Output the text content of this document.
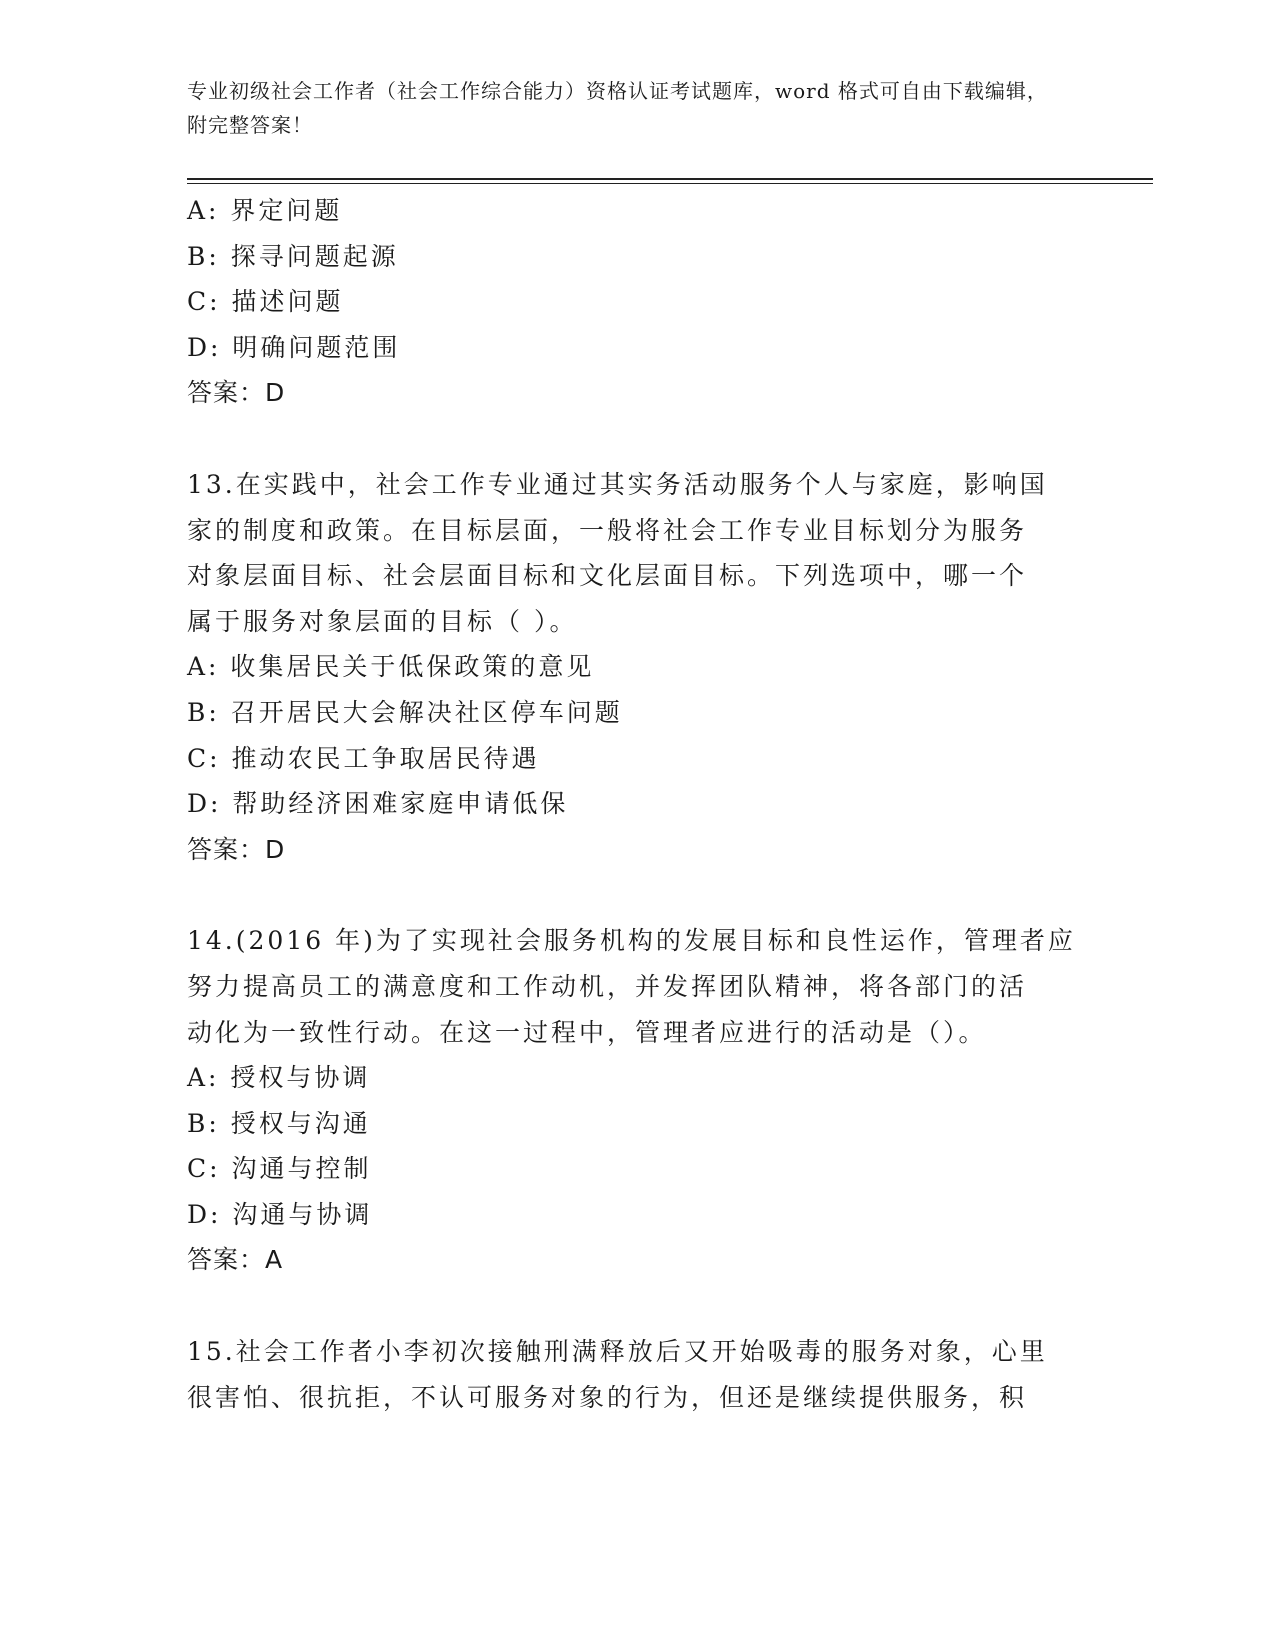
专业初级社会工作者（社会工作综合能力）资格认证考试题库，word 格式可自由下载编辑，附完整答案！
A: 界定问题
B: 探寻问题起源
C: 描述问题
D: 明确问题范围
答案：D
13.在实践中，社会工作专业通过其实务活动服务个人与家庭，影响国
家的制度和政策。在目标层面，一般将社会工作专业目标划分为服务
对象层面目标、社会层面目标和文化层面目标。下列选项中，哪一个
属于服务对象层面的目标（ ）。
A: 收集居民关于低保政策的意见
B: 召开居民大会解决社区停车问题
C: 推动农民工争取居民待遇
D: 帮助经济困难家庭申请低保
答案：D
14.(2016 年)为了实现社会服务机构的发展目标和良性运作，管理者应
努力提高员工的满意度和工作动机，并发挥团队精神，将各部门的活
动化为一致性行动。在这一过程中，管理者应进行的活动是（）。
A: 授权与协调
B: 授权与沟通
C: 沟通与控制
D: 沟通与协调
答案：A
15.社会工作者小李初次接触刑满释放后又开始吸毒的服务对象，心里
很害怕、很抗拒，不认可服务对象的行为，但还是继续提供服务，积
